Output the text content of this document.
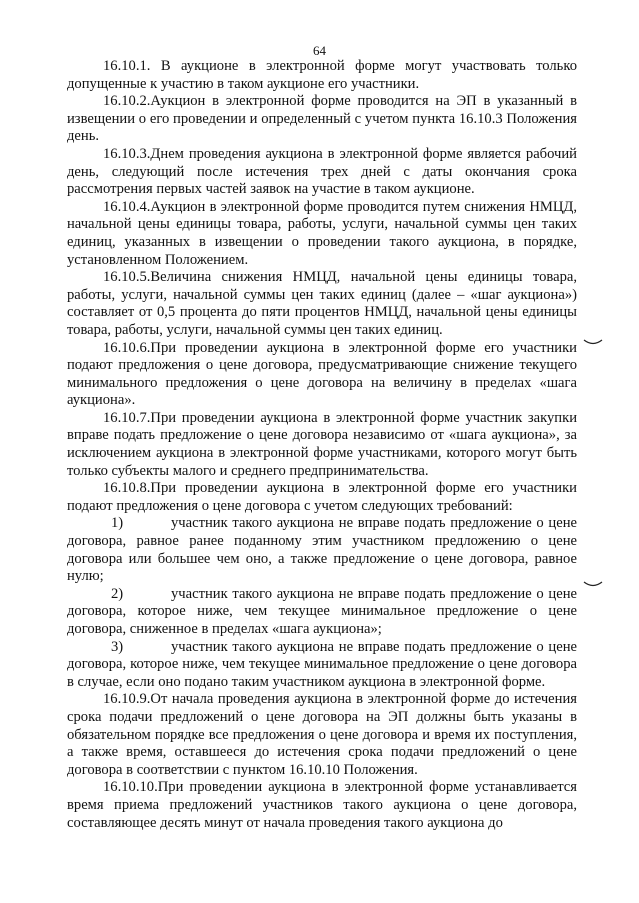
64

16.10.1. В аукционе в электронной форме могут участвовать только допущенные к участию в таком аукционе его участники.

16.10.2.Аукцион в электронной форме проводится на ЭП в указанный в извещении о его проведении и определенный с учетом пункта 16.10.3 Положения день.

16.10.3.Днем проведения аукциона в электронной форме является рабочий день, следующий после истечения трех дней с даты окончания срока рассмотрения первых частей заявок на участие в таком аукционе.

16.10.4.Аукцион в электронной форме проводится путем снижения НМЦД, начальной цены единицы товара, работы, услуги, начальной суммы цен таких единиц, указанных в извещении о проведении такого аукциона, в порядке, установленном Положением.

16.10.5.Величина снижения НМЦД, начальной цены единицы товара, работы, услуги, начальной суммы цен таких единиц (далее – «шаг аукциона») составляет от 0,5 процента до пяти процентов НМЦД, начальной цены единицы товара, работы, услуги, начальной суммы цен таких единиц.

16.10.6.При проведении аукциона в электронной форме его участники подают предложения о цене договора, предусматривающие снижение текущего минимального предложения о цене договора на величину в пределах «шага аукциона».

16.10.7.При проведении аукциона в электронной форме участник закупки вправе подать предложение о цене договора независимо от «шага аукциона», за исключением аукциона в электронной форме участниками, которого могут быть только субъекты малого и среднего предпринимательства.

16.10.8.При проведении аукциона в электронной форме его участники подают предложения о цене договора с учетом следующих требований:

1)	участник такого аукциона не вправе подать предложение о цене договора, равное ранее поданному этим участником предложению о цене договора или большее чем оно, а также предложение о цене договора, равное нулю;

2)	участник такого аукциона не вправе подать предложение о цене договора, которое ниже, чем текущее минимальное предложение о цене договора, сниженное в пределах «шага аукциона»;

3)	участник такого аукциона не вправе подать предложение о цене договора, которое ниже, чем текущее минимальное предложение о цене договора в случае, если оно подано таким участником аукциона в электронной форме.

16.10.9.От начала проведения аукциона в электронной форме до истечения срока подачи предложений о цене договора на ЭП должны быть указаны в обязательном порядке все предложения о цене договора и время их поступления, а также время, оставшееся до истечения срока подачи предложений о цене договора в соответствии с пунктом 16.10.10 Положения.

16.10.10.При проведении аукциона в электронной форме устанавливается время приема предложений участников такого аукциона о цене договора, составляющее десять минут от начала проведения такого аукциона до
